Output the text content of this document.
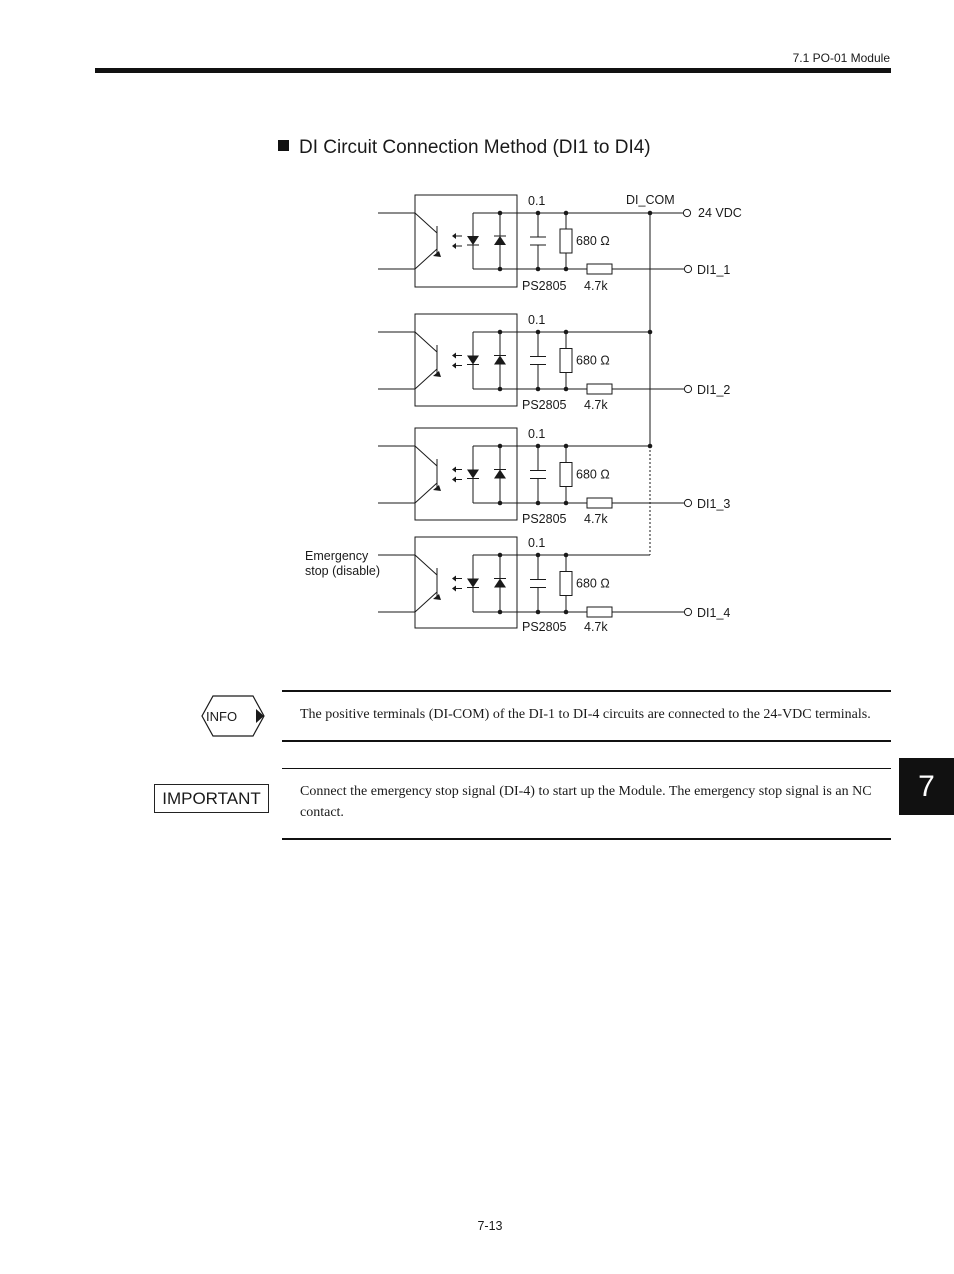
7.1 PO-01 Module
DI Circuit Connection Method (DI1 to DI4)
0.1
680 Ω
PS2805 4.7k
DI1_1
0.1
680 Ω
PS2805 4.7k
DI1_2
0.1
680 Ω
PS2805 4.7k
DI1_3
0.1
680 Ω
PS2805 4.7k
DI1_4
DI_COM
24 VDC
Emergency
stop (disable)
INFO	The positive terminals (DI-COM) of the DI-1 to DI-4 circuits are connected to the 24-VDC terminals.
IMPORTANT	Connect the emergency stop signal (DI-4) to start up the Module. The emergency stop signal is an NC contact.
7
7-13
